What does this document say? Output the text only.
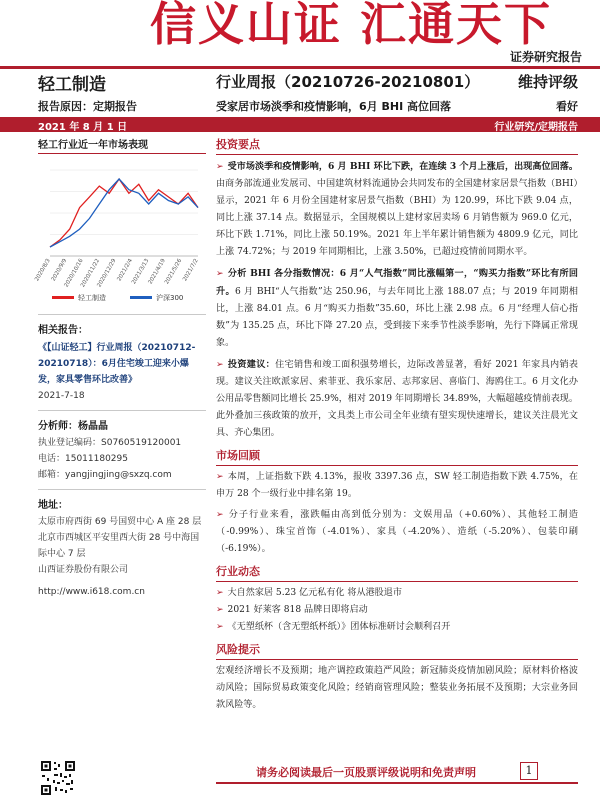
信义山证 汇通天下
证券研究报告
轻工制造	行业周报（20210726-20210801）	维持评级
报告原因：定期报告	受家居市场淡季和疫情影响，6月 BHI 高位回落	看好
2021 年 8 月 1 日	行业研究/定期报告
轻工行业近一年市场表现
2020/8/3
2020/9/9
2020/10/16
2020/11/22
2020/12/29
2021/2/4
2021/3/13
2021/4/19
2021/5/26
2021/7/2
轻工制造	沪深300
相关报告：
《【山证轻工】行业周报（20210712-20210718）：6月住宅竣工迎来小爆发，家具零售环比改善》
2021-7-18
分析师：杨晶晶
执业登记编码：S0760519120001
电话：15011180295
邮箱：yangjingjing@sxzq.com
地址：
太原市府西街 69 号国贸中心 A 座 28 层
北京市西城区平安里西大街 28 号中海国际中心 7 层
山西证券股份有限公司
http://www.i618.com.cn
投资要点

➢ 受市场淡季和疫情影响，6 月 BHI 环比下跌，在连续 3 个月上涨后，出现高位回落。由商务部流通业发展司、中国建筑材料流通协会共同发布的全国建材家居景气指数（BHI）显示，2021 年 6 月份全国建材家居景气指数（BHI）为 120.99，环比下跌 9.04 点，同比上涨 37.14 点。数据显示，全国规模以上建材家居卖场 6 月销售额为 969.0 亿元，环比下跌 1.71%，同比上涨 50.19%。2021 年上半年累计销售额为 4809.9 亿元，同比上涨 74.72%；与 2019 年同期相比，上涨 3.50%，已超过疫情前同期水平。

➢ 分析 BHI 各分指数情况：6 月“人气指数”同比涨幅第一，“购买力指数”环比有所回升。6 月 BHI“人气指数”达 250.96，与去年同比上涨 188.07 点；与 2019 年同期相比，上涨 84.01 点。6 月“购买力指数”35.60，环比上涨 2.98 点。6 月“经理人信心指数”为 135.25 点，环比下降 27.20 点，受到接下来季节性淡季影响，先行下降属正常现象。

➢ 投资建议：住宅销售和竣工面积强势增长，边际改善显著，看好 2021 年家具内销表现。建议关注欧派家居、索菲亚、我乐家居、志邦家居、喜临门、海鸥住工。6 月文化办公用品零售额同比增长 25.9%，相对 2019 年同期增长 34.89%，大幅超越疫情前表现。此外叠加三孩政策的放开，文具类上市公司全年业绩有望实现快速增长，建议关注晨光文具、齐心集团。

市场回顾

➢ 本周，上证指数下跌 4.13%，报收 3397.36 点，SW 轻工制造指数下跌 4.75%，在申万 28 个一级行业中排名第 19。

➢ 分子行业来看，涨跌幅由高到低分别为：文娱用品（+0.60%）、其他轻工制造（-0.99%）、珠宝首饰（-4.01%）、家具（-4.20%）、造纸（-5.20%）、包装印刷（-6.19%）。

行业动态
➢ 大自然家居 5.23 亿元私有化 将从港股退市
➢ 2021 好莱客 818 品牌日即将启动
➢ 《无塑纸杯（含无塑纸杯纸）》团体标准研讨会顺利召开
风险提示

宏观经济增长不及预期；地产调控政策趋严风险；新冠肺炎疫情加剧风险；原材料价格波动风险；国际贸易政策变化风险；经销商管理风险；整装业务拓展不及预期；大宗业务回款风险等。

请务必阅读最后一页股票评级说明和免责声明	1
